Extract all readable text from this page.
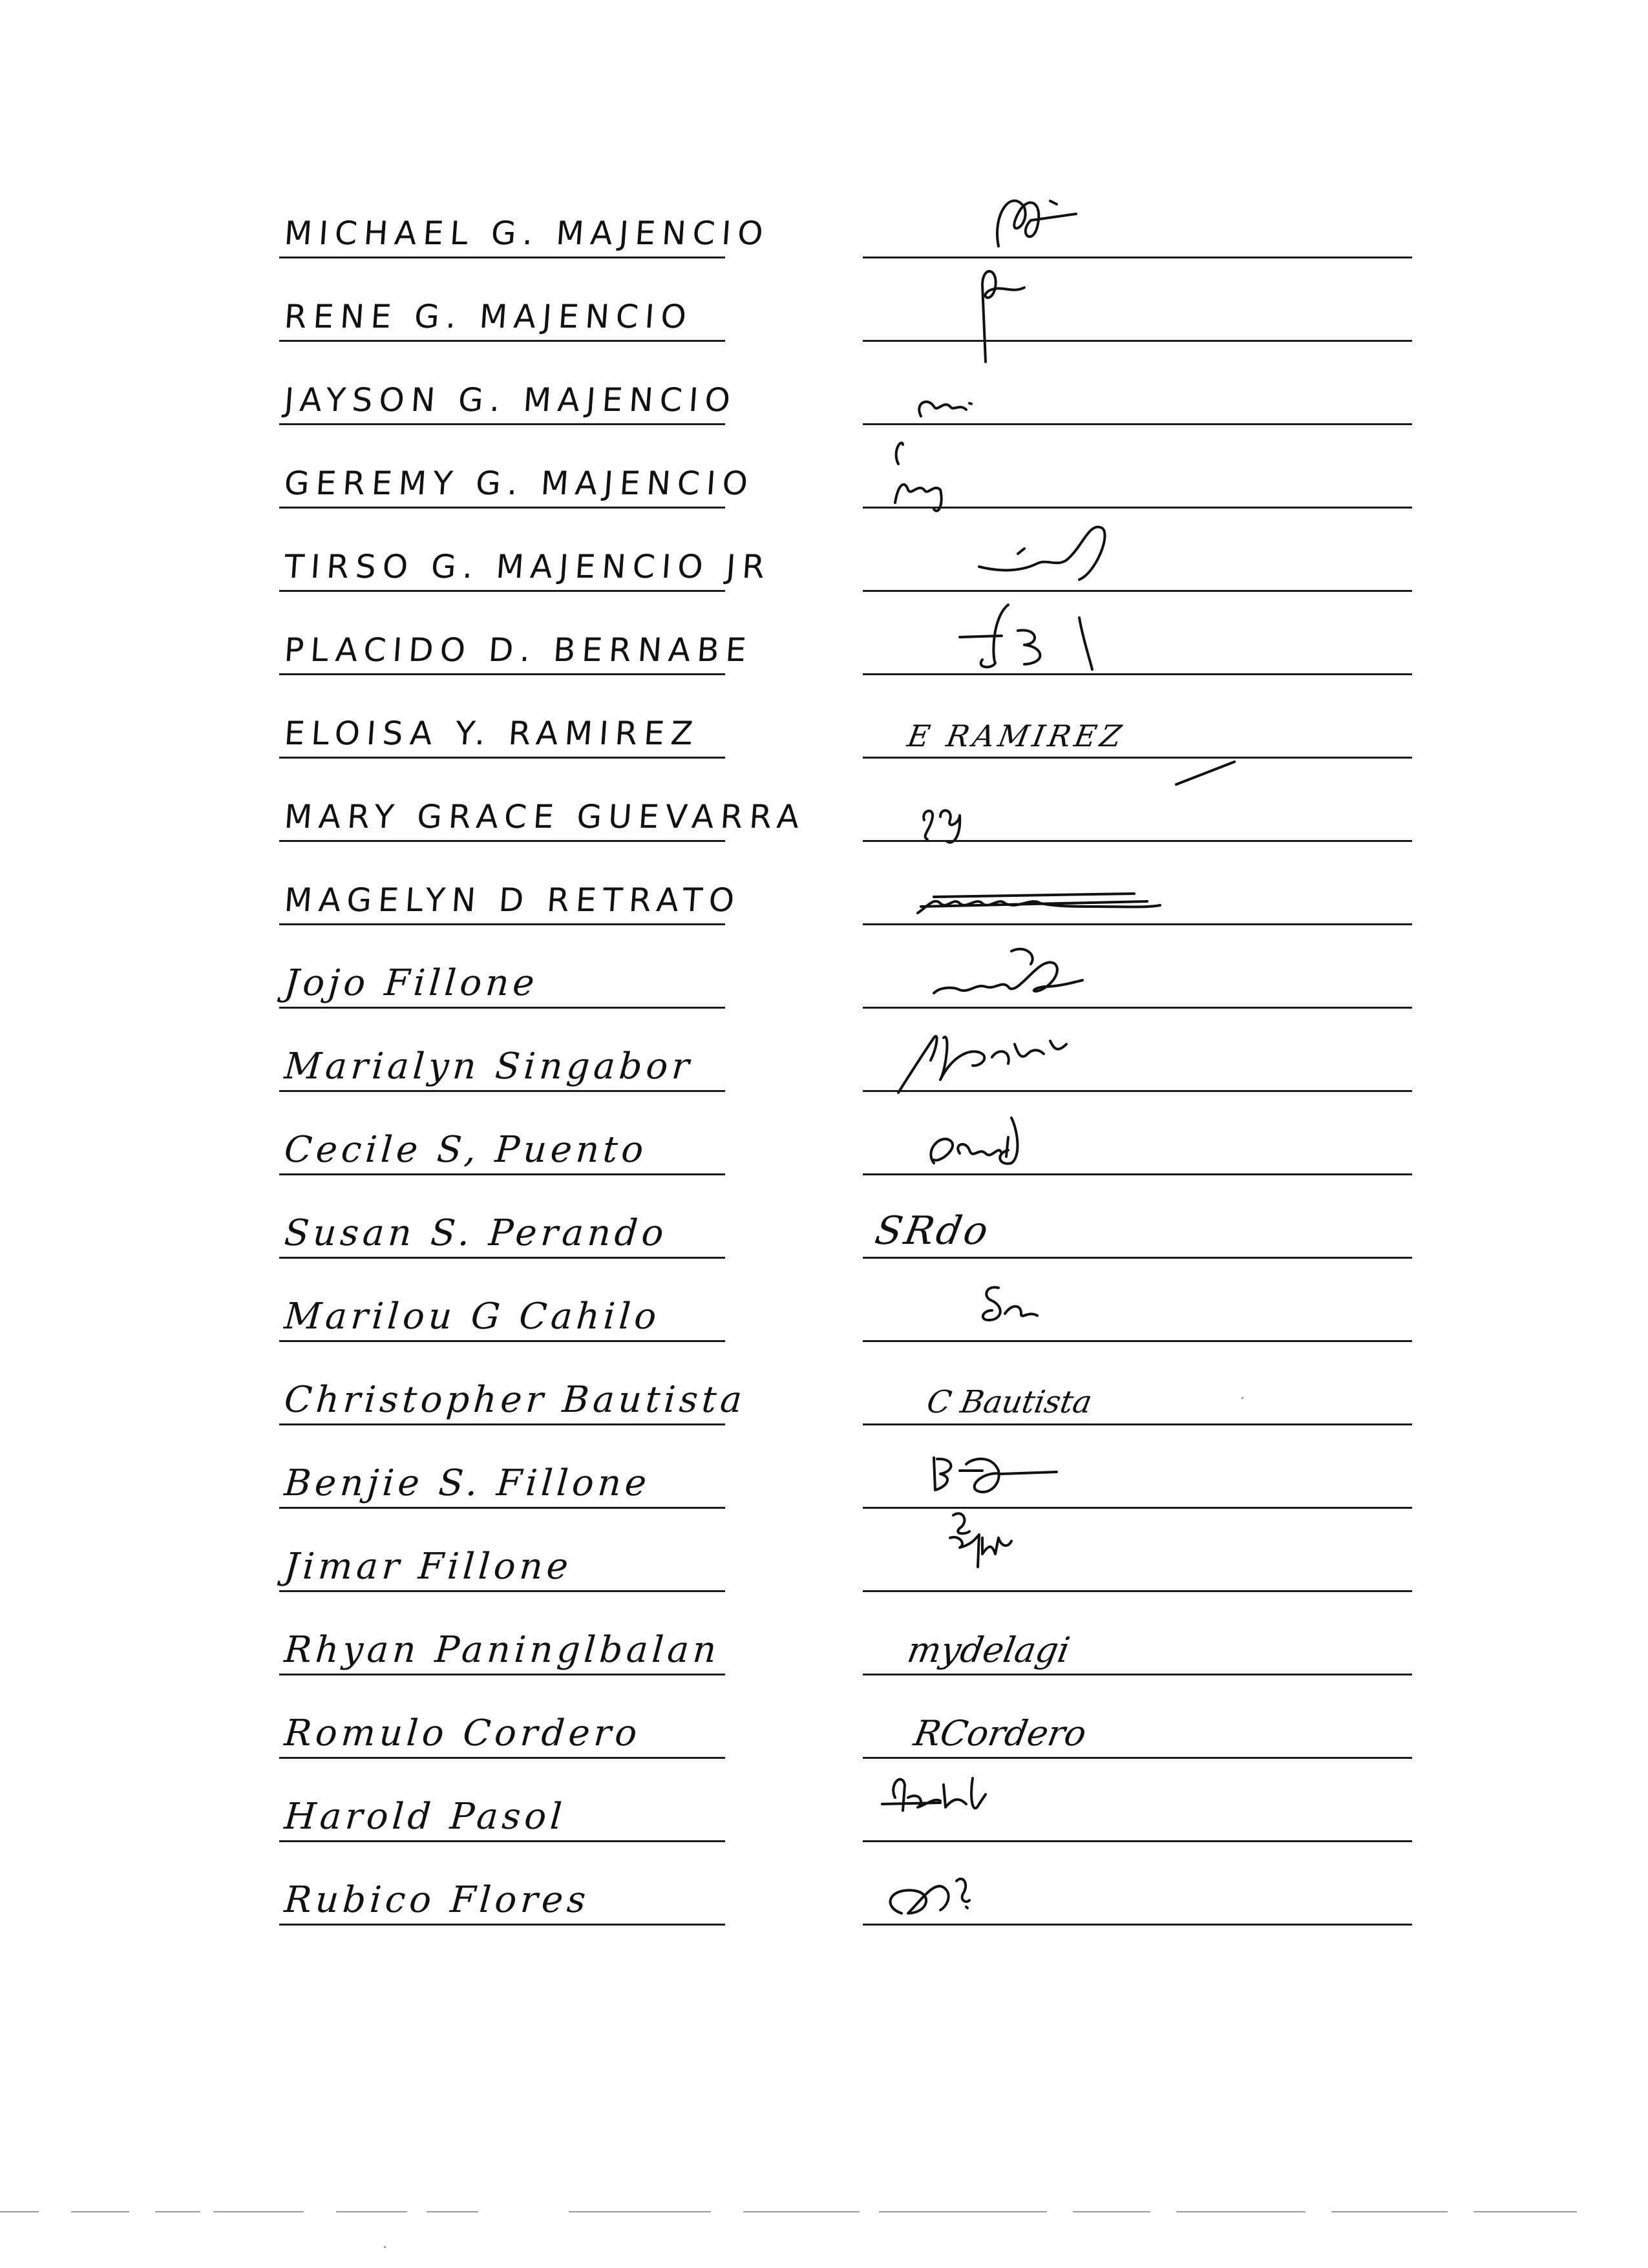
MICHAEL G. MAJENCIO
RENE G. MAJENCIO
JAYSON G. MAJENCIO
GEREMY G. MAJENCIO
TIRSO G. MAJENCIO JR
PLACIDO D. BERNABE
ELOISA Y. RAMIREZ	E RAMIREZ
MARY GRACE GUEVARRA
MAGELYN D RETRATO
Jojo Fillone
Marialyn Singabor
Cecile S, Puento
Susan S. Perando	SRdo
Marilou G Cahilo
Christopher Bautista	C Bautista
Benjie S. Fillone
Jimar Fillone
Rhyan Paninglbalan	mydelagi
Romulo Cordero	RCordero
Harold Pasol
Rubico Flores
